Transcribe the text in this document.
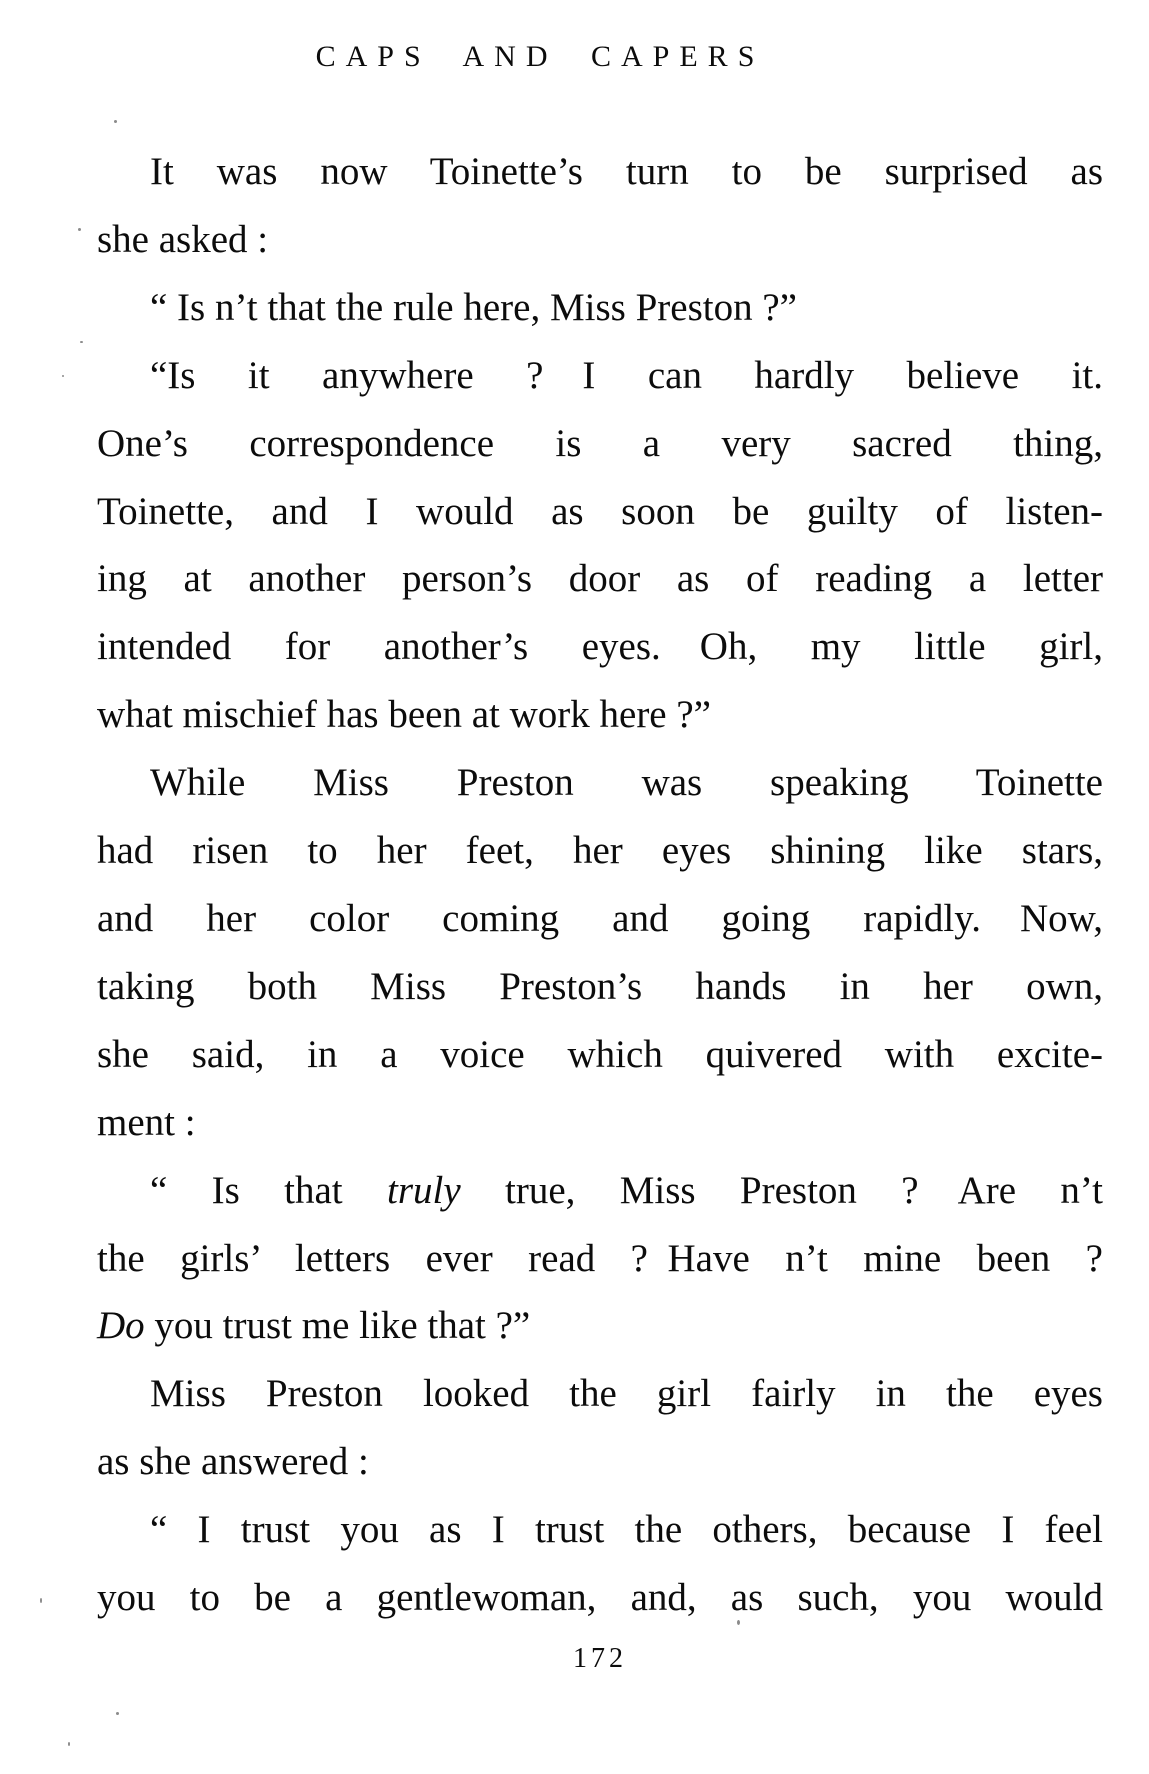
CAPS AND CAPERS
It was now Toinette’s turn to be surprised as
she asked :
“ Is n’t that the rule here, Miss Preston ?”
“Is it anywhere ? I can hardly believe it.
One’s correspondence is a very sacred thing,
Toinette, and I would as soon be guilty of listen-
ing at another person’s door as of reading a letter
intended for another’s eyes. Oh, my little girl,
what mischief has been at work here ?”
While Miss Preston was speaking Toinette
had risen to her feet, her eyes shining like stars,
and her color coming and going rapidly. Now,
taking both Miss Preston’s hands in her own,
she said, in a voice which quivered with excite-
ment :
“ Is that truly true, Miss Preston ? Are n’t
the girls’ letters ever read ? Have n’t mine been ?
Do you trust me like that ?”
Miss Preston looked the girl fairly in the eyes
as she answered :
“ I trust you as I trust the others, because I feel
you to be a gentlewoman, and, as such, you would
172
